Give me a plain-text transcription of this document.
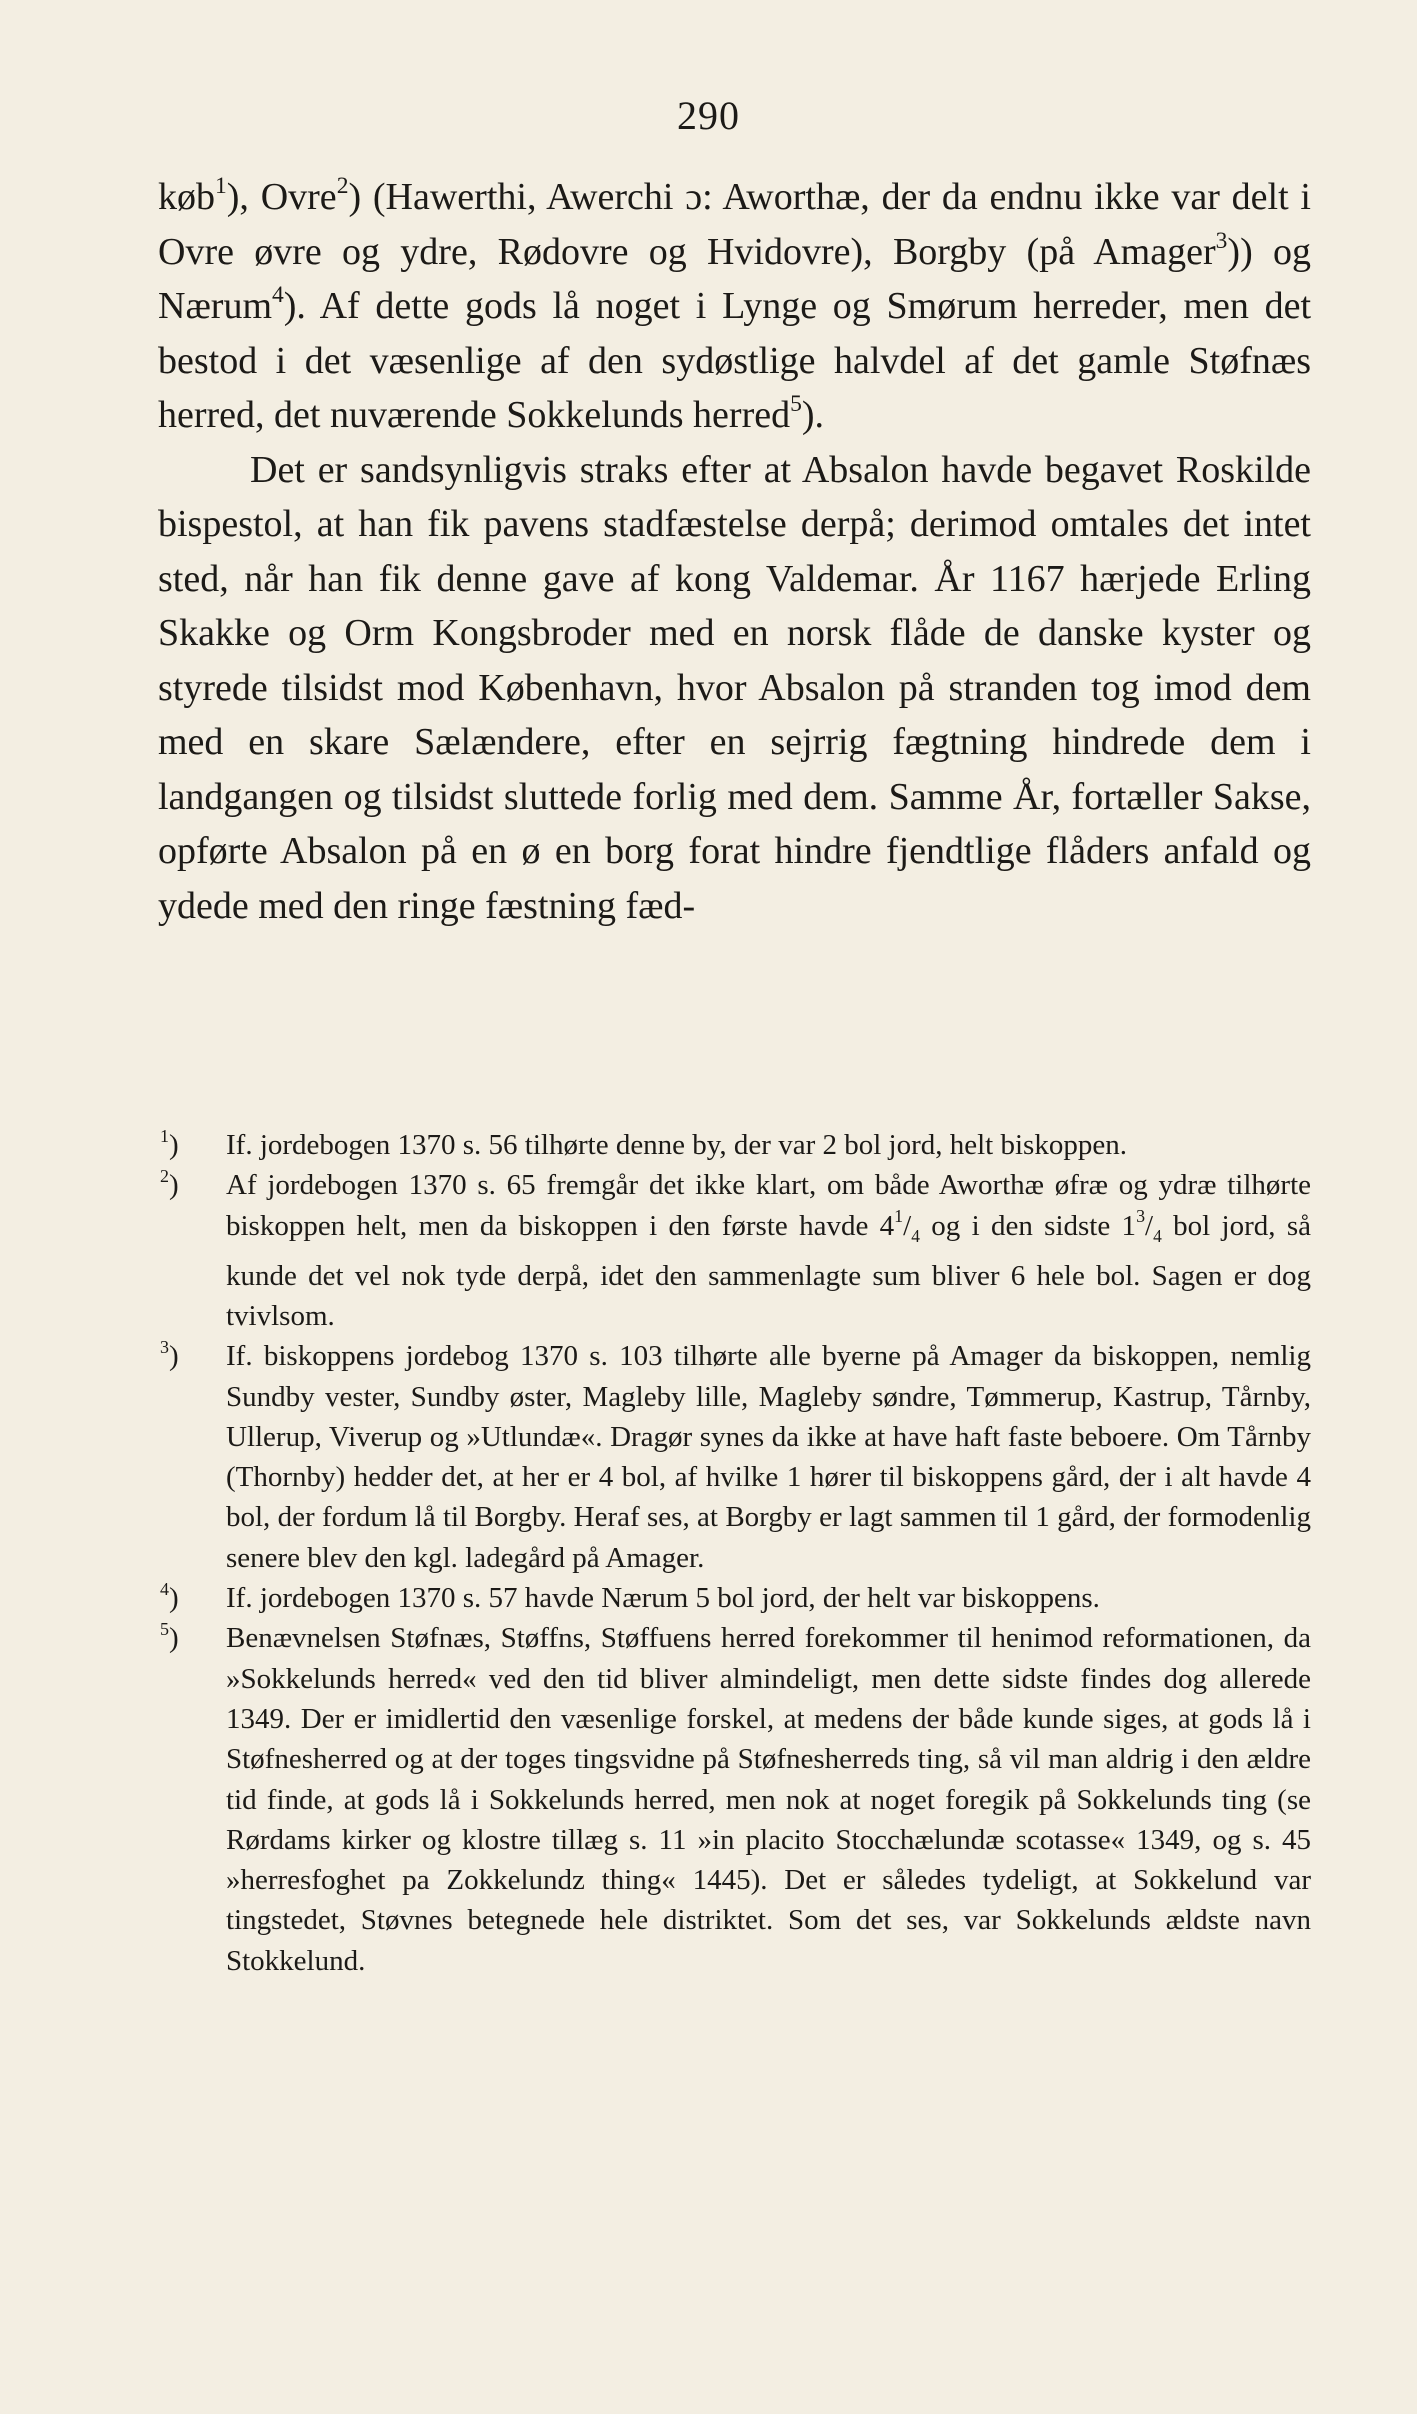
290

køb$^1$), Ovre$^2$) (Hawerthi, Awerchi ɔ: Aworthæ, der da endnu ikke var delt i Ovre øvre og ydre, Rødovre og Hvidovre), Borgby (på Amager$^3$)) og Nærum$^4$). Af dette gods lå noget i Lynge og Smørum herreder, men det bestod i det væsenlige af den sydøstlige halvdel af det gamle Støfnæs herred, det nuværende Sokkelunds herred$^5$).

Det er sandsynligvis straks efter at Absalon havde begavet Roskilde bispestol, at han fik pavens stadfæstelse derpå; derimod omtales det intet sted, når han fik denne gave af kong Valdemar. År 1167 hærjede Erling Skakke og Orm Kongsbroder med en norsk flåde de danske kyster og styrede tilsidst mod København, hvor Absalon på stranden tog imod dem med en skare Sælændere, efter en sejrrig fægtning hindrede dem i landgangen og tilsidst sluttede forlig med dem. Samme År, fortæller Sakse, opførte Absalon på en ø en borg forat hindre fjendtlige flåders anfald og ydede med den ringe fæstning fæd-

$^1$) If. jordebogen 1370 s. 56 tilhørte denne by, der var 2 bol jord, helt biskoppen.

$^2$) Af jordebogen 1370 s. 65 fremgår det ikke klart, om både Aworthæ øfræ og ydræ tilhørte biskoppen helt, men da biskoppen i den første havde $4^1/_4$ og i den sidste $1^3/_4$ bol jord, så kunde det vel nok tyde derpå, idet den sammenlagte sum bliver 6 hele bol. Sagen er dog tvivlsom.

$^3$) If. biskoppens jordebog 1370 s. 103 tilhørte alle byerne på Amager da biskoppen, nemlig Sundby vester, Sundby øster, Magleby lille, Magleby søndre, Tømmerup, Kastrup, Tårnby, Ullerup, Viverup og »Utlundæ«. Dragør synes da ikke at have haft faste beboere. Om Tårnby (Thornby) hedder det, at her er 4 bol, af hvilke 1 hører til biskoppens gård, der i alt havde 4 bol, der fordum lå til Borgby. Heraf ses, at Borgby er lagt sammen til 1 gård, der formodenlig senere blev den kgl. ladegård på Amager.

$^4$) If. jordebogen 1370 s. 57 havde Nærum 5 bol jord, der helt var biskoppens.

$^5$) Benævnelsen Støfnæs, Støffns, Støffuens herred forekommer til henimod reformationen, da »Sokkelunds herred« ved den tid bliver almindeligt, men dette sidste findes dog allerede 1349. Der er imidlertid den væsenlige forskel, at medens der både kunde siges, at gods lå i Støfnesherred og at der toges tingsvidne på Støfnesherreds ting, så vil man aldrig i den ældre tid finde, at gods lå i Sokkelunds herred, men nok at noget foregik på Sokkelunds ting (se Rørdams kirker og klostre tillæg s. 11 »in placito Stocchælundæ scotasse« 1349, og s. 45 »herresfoghet pa Zokkelundz thing« 1445). Det er således tydeligt, at Sokkelund var tingstedet, Støvnes betegnede hele distriktet. Som det ses, var Sokkelunds ældste navn Stokkelund.
